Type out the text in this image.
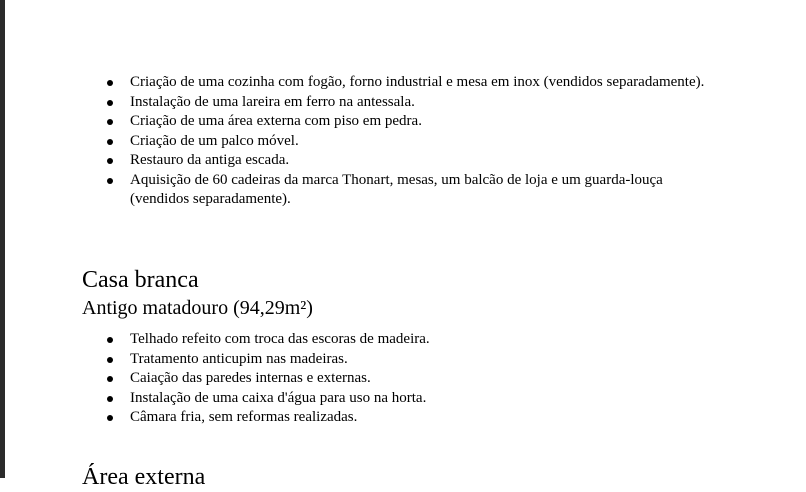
Criação de uma cozinha com fogão, forno industrial e mesa em inox (vendidos separadamente).
Instalação de uma lareira em ferro na antessala.
Criação de uma área externa com piso em pedra.
Criação de um palco móvel.
Restauro da antiga escada.
Aquisição de 60 cadeiras da marca Thonart, mesas, um balcão de loja e um guarda-louça (vendidos separadamente).
Casa branca
Antigo matadouro (94,29m²)
Telhado refeito com troca das escoras de madeira.
Tratamento anticupim nas madeiras.
Caiação das paredes internas e externas.
Instalação de uma caixa d'água para uso na horta.
Câmara fria, sem reformas realizadas.
Área externa
